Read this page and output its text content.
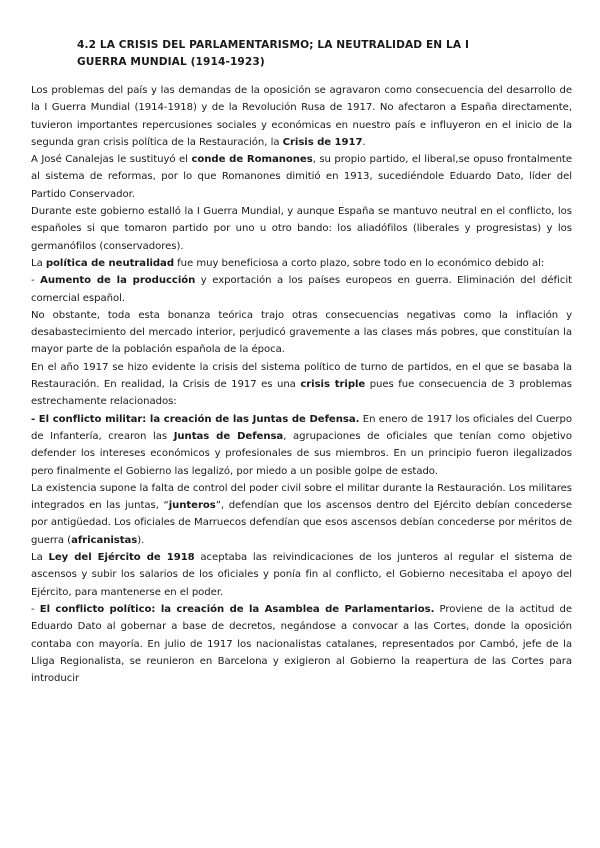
4.2 LA CRISIS DEL PARLAMENTARISMO; LA NEUTRALIDAD EN LA I
GUERRA MUNDIAL (1914-1923)

Los problemas del país y las demandas de la oposición se agravaron como consecuencia del desarrollo de la I Guerra Mundial (1914-1918) y de la Revolución Rusa de 1917. No afectaron a España directamente, tuvieron importantes repercusiones sociales y económicas en nuestro país e influyeron en el inicio de la segunda gran crisis política de la Restauración, la Crisis de 1917.

A José Canalejas le sustituyó el conde de Romanones, su propio partido, el liberal,se opuso frontalmente al sistema de reformas, por lo que Romanones dimitió en 1913, sucediéndole Eduardo Dato, líder del Partido Conservador.

Durante este gobierno estalló la I Guerra Mundial, y aunque España se mantuvo neutral en el conflicto, los españoles si que tomaron partido por uno u otro bando: los aliadófilos (liberales y progresistas) y los germanófilos (conservadores).

La política de neutralidad fue muy beneficiosa a corto plazo, sobre todo en lo económico debido al:

- Aumento de la producción y exportación a los países europeos en guerra. Eliminación del déficit comercial español.

No obstante, toda esta bonanza teórica trajo otras consecuencias negativas como la inflación y desabastecimiento del mercado interior, perjudicó gravemente a las clases más pobres, que constituían la mayor parte de la población española de la época.

En el año 1917 se hizo evidente la crisis del sistema político de turno de partidos, en el que se basaba la Restauración. En realidad, la Crisis de 1917 es una crisis triple pues fue consecuencia de 3 problemas estrechamente relacionados:

- El conflicto militar: la creación de las Juntas de Defensa. En enero de 1917 los oficiales del Cuerpo de Infantería, crearon las Juntas de Defensa, agrupaciones de oficiales que tenían como objetivo defender los intereses económicos y profesionales de sus miembros. En un principio fueron ilegalizados pero finalmente el Gobierno las legalizó, por miedo a un posible golpe de estado.

La existencia supone la falta de control del poder civil sobre el militar durante la Restauración. Los militares integrados en las juntas, “junteros”, defendían que los ascensos dentro del Ejército debían concederse por antigüedad. Los oficiales de Marruecos defendían que esos ascensos debían concederse por méritos de guerra (africanistas).

La Ley del Ejército de 1918 aceptaba las reivindicaciones de los junteros al regular el sistema de ascensos y subir los salarios de los oficiales y ponía fin al conflicto, el Gobierno necesitaba el apoyo del Ejército, para mantenerse en el poder.

- El conflicto político: la creación de la Asamblea de Parlamentarios. Proviene de la actitud de Eduardo Dato al gobernar a base de decretos, negándose a convocar a las Cortes, donde la oposición contaba con mayoría. En julio de 1917 los nacionalistas catalanes, representados por Cambó, jefe de la Lliga Regionalista, se reunieron en Barcelona y exigieron al Gobierno la reapertura de las Cortes para introducir
